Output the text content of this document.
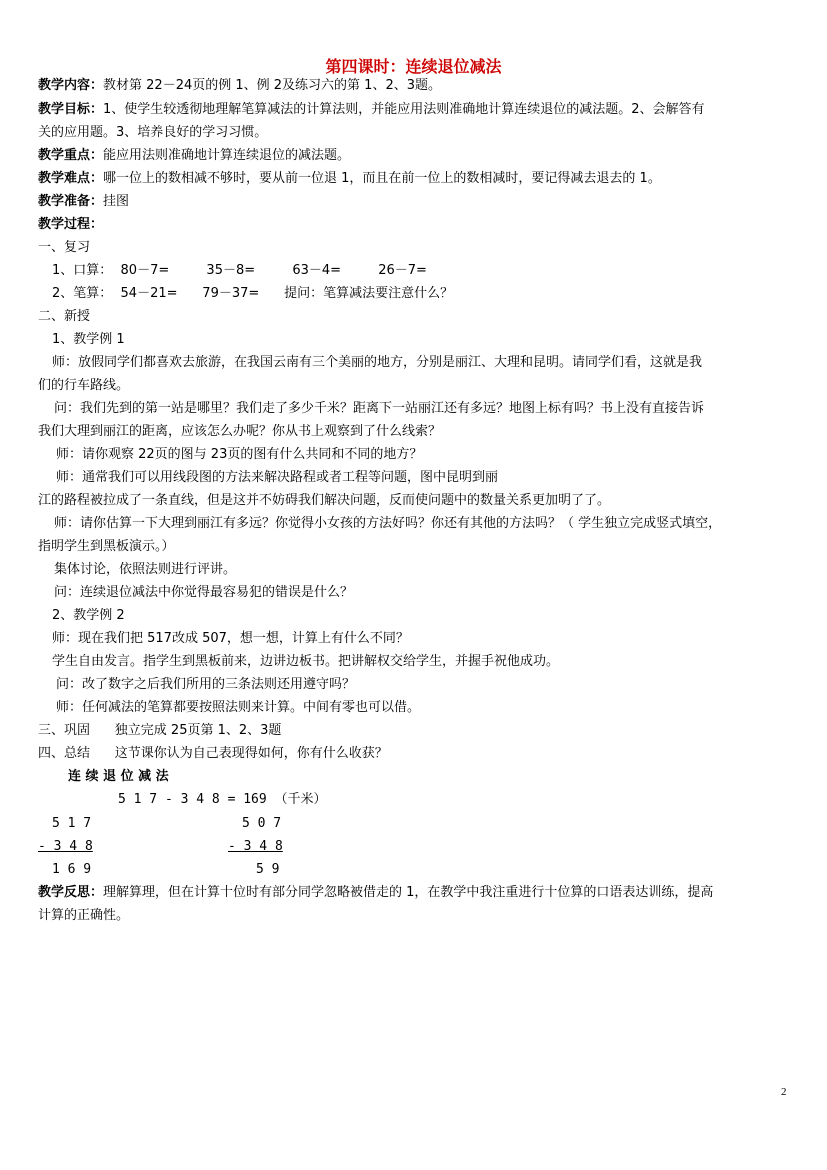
第四课时：连续退位减法
教学内容：教材第 22－24页的例 1、例 2及练习六的第 1、2、3题。
教学目标：1、使学生较透彻地理解笔算减法的计算法则，并能应用法则准确地计算连续退位的减法题。2、会解答有
关的应用题。3、培养良好的学习习惯。
教学重点：能应用法则准确地计算连续退位的减法题。
教学难点：哪一位上的数相减不够时，要从前一位退 1，而且在前一位上的数相减时，要记得减去退去的 1。
教学准备：挂图
教学过程：
一、复习
1、口算：  80－7=         35－8=         63－4=         26－7=
2、笔算：  54－21=      79－37=      提问：笔算减法要注意什么？
二、新授
1、教学例 1
师：放假同学们都喜欢去旅游，在我国云南有三个美丽的地方，分别是丽江、大理和昆明。请同学们看，这就是我
们的行车路线。
问：我们先到的第一站是哪里？我们走了多少千米？距离下一站丽江还有多远？地图上标有吗？书上没有直接告诉
我们大理到丽江的距离，应该怎么办呢？你从书上观察到了什么线索？
师：请你观察 22页的图与 23页的图有什么共同和不同的地方？
师：通常我们可以用线段图的方法来解决路程或者工程等问题，图中昆明到丽
江的路程被拉成了一条直线，但是这并不妨碍我们解决问题，反而使问题中的数量关系更加明了了。
师：请你估算一下大理到丽江有多远？你觉得小女孩的方法好吗？你还有其他的方法吗？（ 学生独立完成竖式填空，
指明学生到黑板演示。）
集体讨论，依照法则进行评讲。
问：连续退位减法中你觉得最容易犯的错误是什么？
2、教学例 2
师：现在我们把 517改成 507，想一想，计算上有什么不同？
学生自由发言。指学生到黑板前来，边讲边板书。把讲解权交给学生，并握手祝他成功。
问：改了数字之后我们所用的三条法则还用遵守吗？
师：任何减法的笔算都要按照法则来计算。中间有零也可以借。
三、巩固      独立完成 25页第 1、2、3题
四、总结      这节课你认为自己表现得如何，你有什么收获？
连 续 退 位 减 法
5 1 7 - 3 4 8 = 169 （千米）
5 1 7
- 3 4 8
1 6 9
5 0 7
- 3 4 8
5 9
教学反思：理解算理，但在计算十位时有部分同学忽略被借走的 1，在教学中我注重进行十位算的口语表达训练，提高
计算的正确性。
2
